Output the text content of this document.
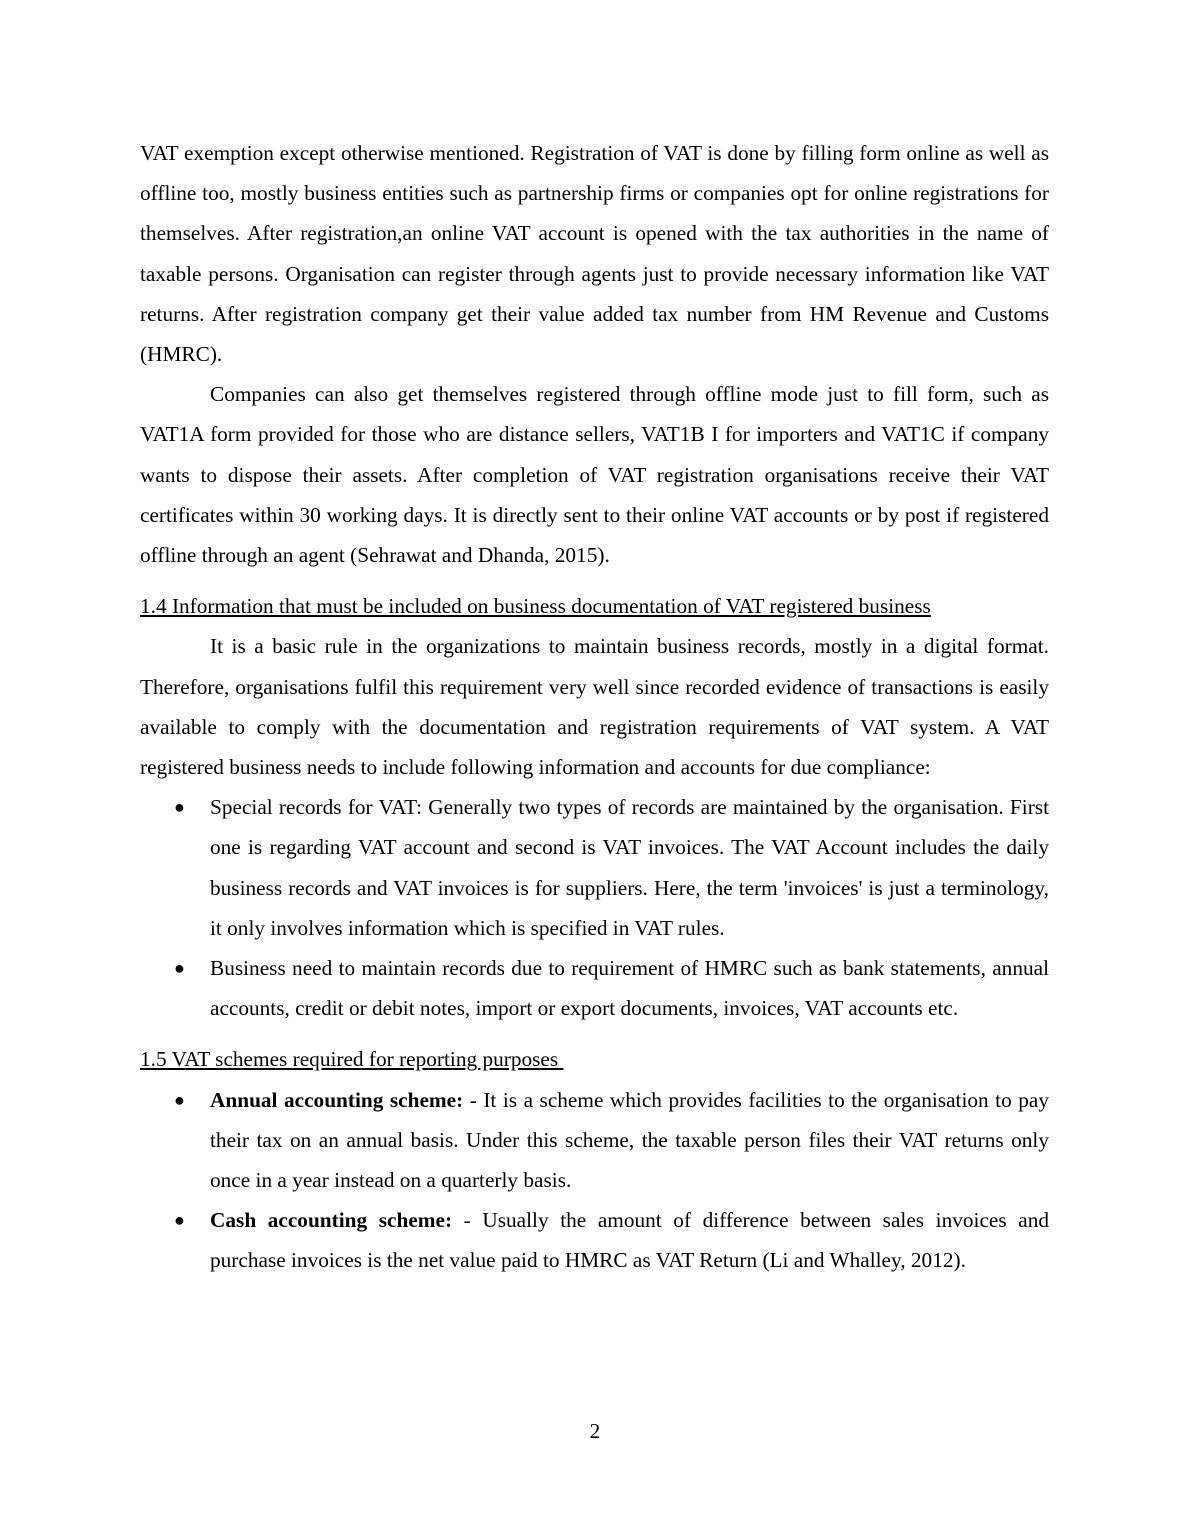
VAT exemption except otherwise mentioned. Registration of VAT is done by filling form online as well as offline too, mostly business entities such as partnership firms or companies opt for online registrations for themselves. After registration,an online VAT account is opened with the tax authorities in the name of taxable persons. Organisation can register through agents just to provide necessary information like VAT returns. After registration company get their value added tax number from HM Revenue and Customs (HMRC).

Companies can also get themselves registered through offline mode just to fill form, such as VAT1A form provided for those who are distance sellers, VAT1B I for importers and VAT1C if company wants to dispose their assets. After completion of VAT registration organisations receive their VAT certificates within 30 working days. It is directly sent to their online VAT accounts or by post if registered offline through an agent (Sehrawat and Dhanda, 2015).

1.4 Information that must be included on business documentation of VAT registered business

It is a basic rule in the organizations to maintain business records, mostly in a digital format. Therefore, organisations fulfil this requirement very well since recorded evidence of transactions is easily available to comply with the documentation and registration requirements of VAT system. A VAT registered business needs to include following information and accounts for due compliance:

● Special records for VAT: Generally two types of records are maintained by the organisation. First one is regarding VAT account and second is VAT invoices. The VAT Account includes the daily business records and VAT invoices is for suppliers. Here, the term 'invoices' is just a terminology, it only involves information which is specified in VAT rules.
● Business need to maintain records due to requirement of HMRC such as bank statements, annual accounts, credit or debit notes, import or export documents, invoices, VAT accounts etc.
1.5 VAT schemes required for reporting purposes
● Annual accounting scheme: - It is a scheme which provides facilities to the organisation to pay their tax on an annual basis. Under this scheme, the taxable person files their VAT returns only once in a year instead on a quarterly basis.
● Cash accounting scheme: - Usually the amount of difference between sales invoices and purchase invoices is the net value paid to HMRC as VAT Return (Li and Whalley, 2012).
2
